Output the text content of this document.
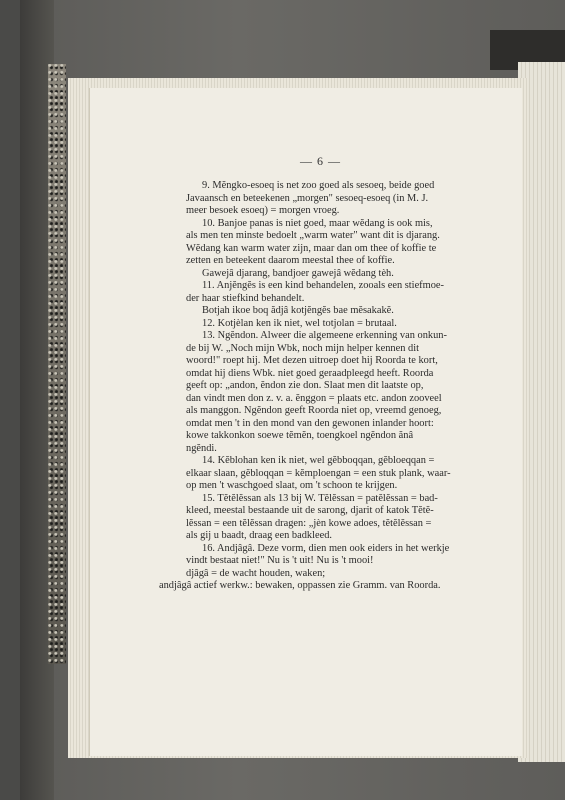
— 6 —
9. Mĕngko-esoeq is net zoo goed als sesoeq, beide goed
Javaansch en beteekenen „morgen" sesoeq-esoeq (in M. J.
meer besoek esoeq) = morgen vroeg.
10. Banjoe panas is niet goed, maar wĕdang is ook mis,
als men ten minste bedoelt „warm water" want dit is djarang.
Wĕdang kan warm water zijn, maar dan om thee of koffie te
zetten en beteekent daarom meestal thee of koffie.
Gawejâ djarang, bandjoer gawejâ wĕdang tèh.
11. Anjĕngĕs is een kind behandelen, zooals een stiefmoe-
der haar stiefkind behandelt.
Botjah ikoe boq ădjâ kotjĕngĕs bae mĕsakakĕ.
12. Kotjèlan ken ik niet, wel totjolan = brutaal.
13. Ngĕndon. Alweer die algemeene erkenning van onkun-
de bij W. „Noch mijn Wbk, noch mijn helper kennen dit
woord!" roept hij. Met dezen uitroep doet hij Roorda te kort,
omdat hij diens Wbk. niet goed geraadpleegd heeft. Roorda
geeft op: „andon, ĕndon zie don. Slaat men dit laatste op,
dan vindt men don z. v. a. ĕnggon = plaats etc. andon zooveel
als manggon. Ngĕndon geeft Roorda niet op, vreemd genoeg,
omdat men 't in den mond van den gewonen inlander hoort:
kowe takkonkon soewe tĕmĕn, toengkoel ngĕndon ănâ
ngĕndi.
14. Kĕblohan ken ik niet, wel gĕbboqqan, gĕbloeqqan =
elkaar slaan, gĕbloqqan = kĕmploengan = een stuk plank, waar-
op men 't waschgoed slaat, om 't schoon te krijgen.
15. Tĕtĕlĕssan als 13 bij W. Tĕlĕssan = patĕlĕssan = bad-
kleed, meestal bestaande uit de sarong, djarit of katok Tĕtĕ-
lĕssan = een tĕlĕssan dragen: „jèn kowe adoes, tĕtĕlĕssan =
als gij u baadt, draag een badkleed.
16. Andjâgâ. Deze vorm, dien men ook eiders in het werkje
vindt bestaat niet!" Nu is 't uit! Nu is 't mooi!
djâgâ = de wacht houden, waken;
andjâgâ actief werkw.: bewaken, oppassen zie Gramm. van Roorda.
